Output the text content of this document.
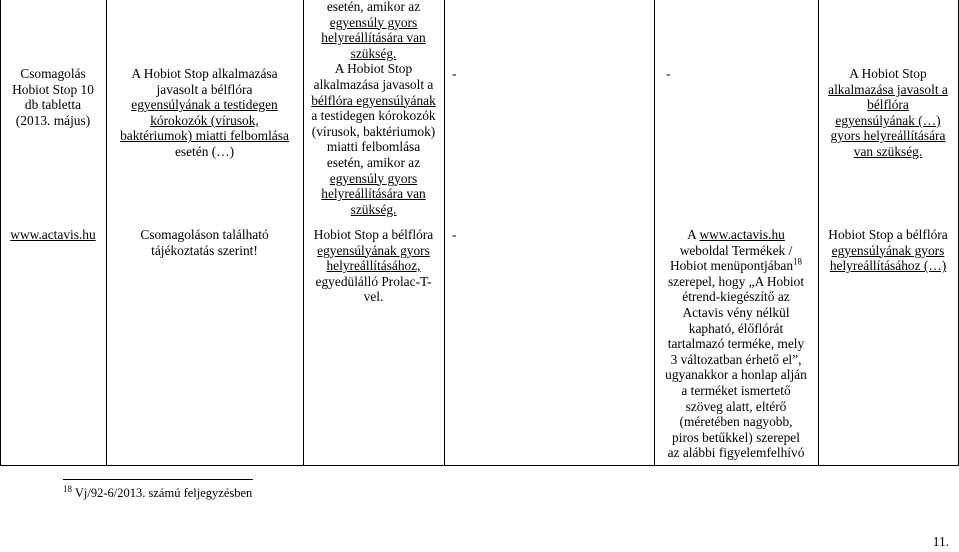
Csomagolás
Hobiot Stop 10
db tabletta
(2013. május)
www.actavis.hu
A Hobiot Stop alkalmazása
javasolt a bélflóra
egyensúlyának a testidegen
kórokozók (vírusok,
baktériumok) miatti felbomlása
esetén (…)
Csomagoláson található
tájékoztatás szerint!
esetén, amikor az
egyensúly gyors
helyreállítására van
szükség.
A Hobiot Stop
alkalmazása javasolt a
bélflóra egyensúlyának
a testidegen kórokozók
(vírusok, baktériumok)
miatti felbomlása
esetén, amikor az
egyensúly gyors
helyreállítására van
szükség.
Hobiot Stop a bélflóra
egyensúlyának gyors
helyreállításához,
egyedülálló Prolac-T-
vel.
-
-
-
A www.actavis.hu
weboldal Termékek /
Hobiot menüpontjában$^{18}$
szerepel, hogy „A Hobiot
étrend-kiegészítő az
Actavis vény nélkül
kapható, élőflórát
tartalmazó terméke, mely
3 változatban érhető el”,
ugyanakkor a honlap alján
a terméket ismertető
szöveg alatt, eltérő
(méretében nagyobb,
piros betűkkel) szerepel
az alábbi figyelemfelhívó
A Hobiot Stop
alkalmazása javasolt a
bélflóra
egyensúlyának (…)
gyors helyreállítására
van szükség.
Hobiot Stop a bélflóra
egyensúlyának gyors
helyreállításához (…)
$^{18}$ Vj/92-6/2013. számú feljegyzésben
11.
